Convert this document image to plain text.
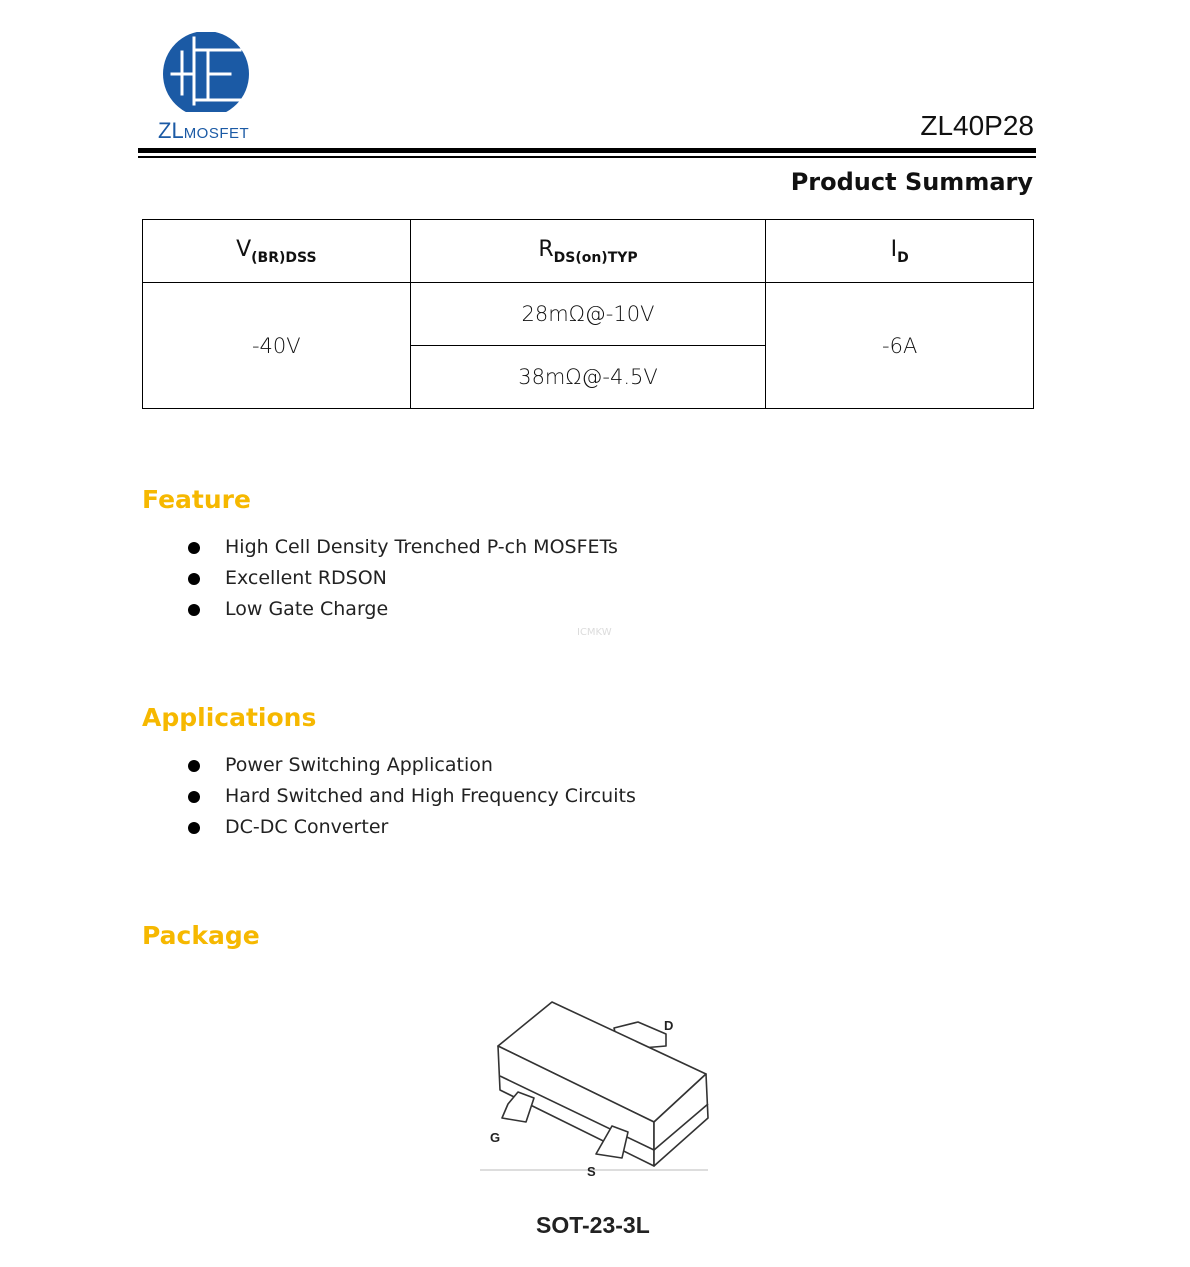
ZLMOSFET	ZL40P28
Product Summary
$V_{(BR)DSS}$	$R_{DS(on)TYP}$	$I_D$
-40V	28mΩ@-10V	-6A
	38mΩ@-4.5V	
Feature
High Cell Density Trenched P-ch MOSFETs
Excellent RDSON
Low Gate Charge
ICMKW
Applications
Power Switching Application
Hard Switched and High Frequency Circuits
DC-DC Converter
Package
D
G
S
SOT-23-3L
